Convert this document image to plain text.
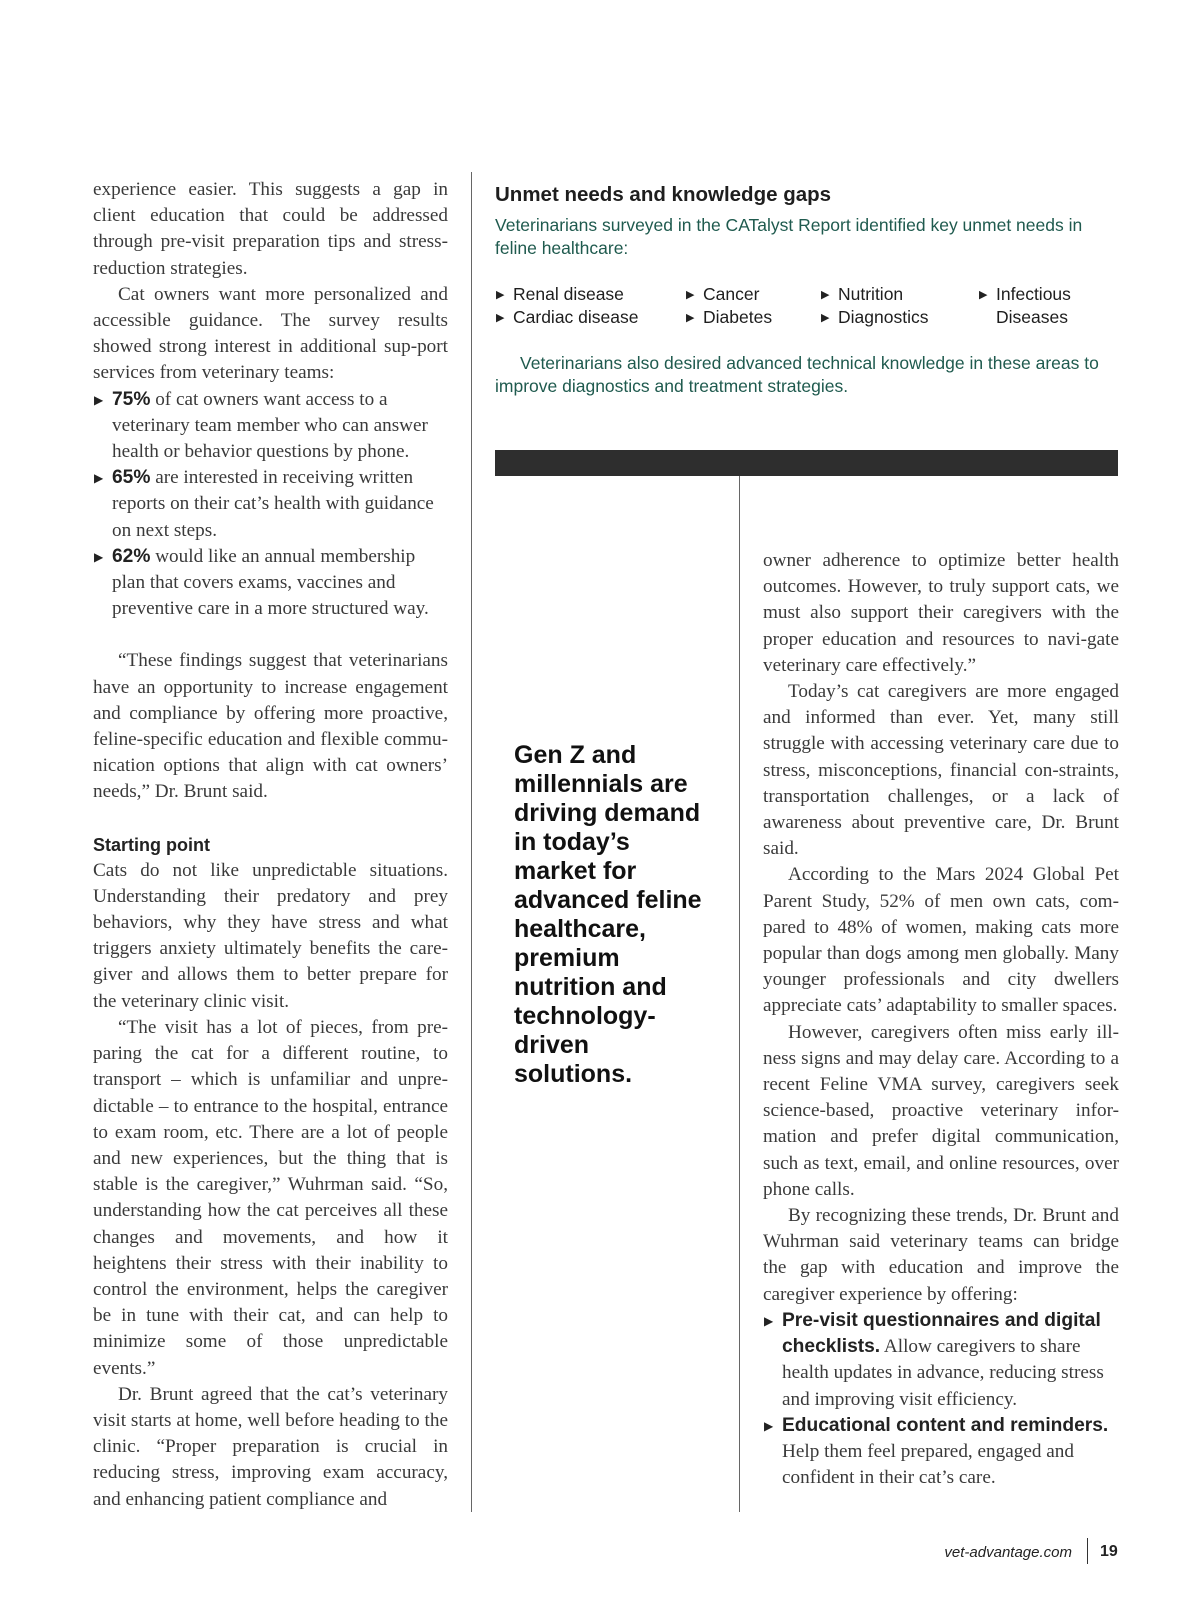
experience easier. This suggests a gap in client education that could be addressed through pre-visit preparation tips and stress-reduction strategies.

Cat owners want more personalized and accessible guidance. The survey results showed strong interest in additional sup-port services from veterinary teams:

▶ 75% of cat owners want access to a veterinary team member who can answer health or behavior questions by phone.
▶ 65% are interested in receiving written reports on their cat’s health with guidance on next steps.
▶ 62% would like an annual membership plan that covers exams, vaccines and preventive care in a more structured way.

“These findings suggest that veterinarians have an opportunity to increase engagement and compliance by offering more proactive, feline-specific education and flexible commu-nication options that align with cat owners’ needs,” Dr. Brunt said.

Starting point

Cats do not like unpredictable situations. Understanding their predatory and prey behaviors, why they have stress and what triggers anxiety ultimately benefits the care-giver and allows them to better prepare for the veterinary clinic visit.

“The visit has a lot of pieces, from pre-paring the cat for a different routine, to transport – which is unfamiliar and unpre-dictable – to entrance to the hospital, entrance to exam room, etc. There are a lot of people and new experiences, but the thing that is stable is the caregiver,” Wuhrman said. “So, understanding how the cat perceives all these changes and movements, and how it heightens their stress with their inability to control the environment, helps the caregiver be in tune with their cat, and can help to minimize some of those unpredictable events.”

Dr. Brunt agreed that the cat’s veterinary visit starts at home, well before heading to the clinic. “Proper preparation is crucial in reducing stress, improving exam accuracy, and enhancing patient compliance and

Unmet needs and knowledge gaps

Veterinarians surveyed in the CATalyst Report identified key unmet needs in feline healthcare:

▶ Renal disease
▶ Cardiac disease
▶ Cancer
▶ Diabetes
▶ Nutrition
▶ Diagnostics
▶ Infectious Diseases

Veterinarians also desired advanced technical knowledge in these areas to improve diagnostics and treatment strategies.

Gen Z and millennials are driving demand in today’s market for advanced feline healthcare, premium nutrition and technology-driven solutions.

owner adherence to optimize better health outcomes. However, to truly support cats, we must also support their caregivers with the proper education and resources to navi-gate veterinary care effectively.”

Today’s cat caregivers are more engaged and informed than ever. Yet, many still struggle with accessing veterinary care due to stress, misconceptions, financial con-straints, transportation challenges, or a lack of awareness about preventive care, Dr. Brunt said.

According to the Mars 2024 Global Pet Parent Study, 52% of men own cats, com-pared to 48% of women, making cats more popular than dogs among men globally. Many younger professionals and city dwellers appreciate cats’ adaptability to smaller spaces.

However, caregivers often miss early ill-ness signs and may delay care. According to a recent Feline VMA survey, caregivers seek science-based, proactive veterinary infor-mation and prefer digital communication, such as text, email, and online resources, over phone calls.

By recognizing these trends, Dr. Brunt and Wuhrman said veterinary teams can bridge the gap with education and improve the caregiver experience by offering:

▶ Pre-visit questionnaires and digital checklists. Allow caregivers to share health updates in advance, reducing stress and improving visit efficiency.
▶ Educational content and reminders. Help them feel prepared, engaged and confident in their cat’s care.
vet-advantage.com 19
